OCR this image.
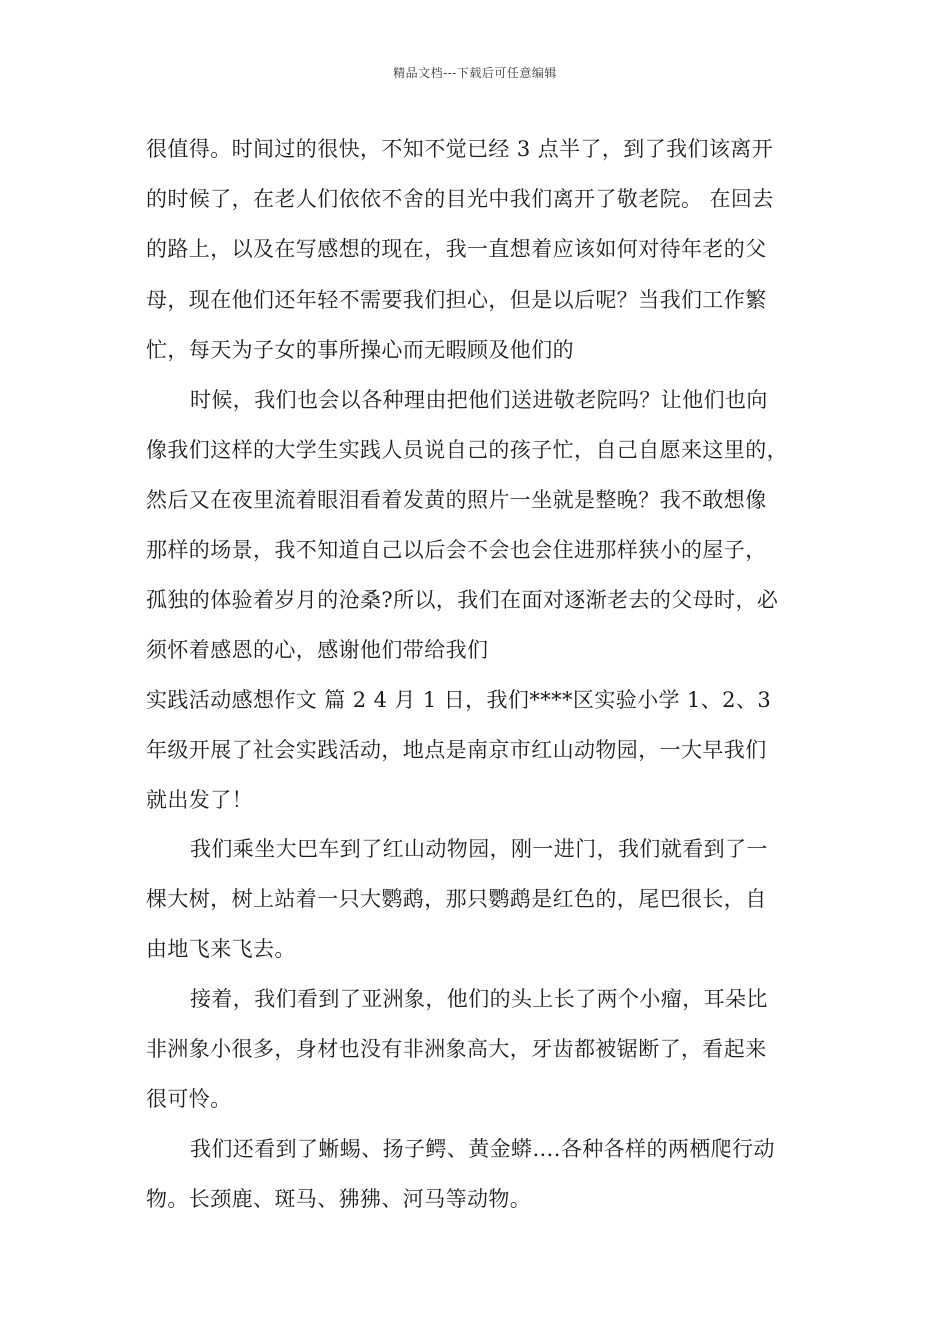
精品文档---下载后可任意编辑
很值得。时间过的很快，不知不觉已经 3 点半了，到了我们该离开
的时候了，在老人们依依不舍的目光中我们离开了敬老院。 在回去
的路上，以及在写感想的现在，我一直想着应该如何对待年老的父
母，现在他们还年轻不需要我们担心，但是以后呢？当我们工作繁
忙，每天为子女的事所操心而无暇顾及他们的
时候，我们也会以各种理由把他们送进敬老院吗？让他们也向
像我们这样的大学生实践人员说自己的孩子忙，自己自愿来这里的，
然后又在夜里流着眼泪看着发黄的照片一坐就是整晚？我不敢想像
那样的场景，我不知道自己以后会不会也会住进那样狭小的屋子，
孤独的体验着岁月的沧桑?所以，我们在面对逐渐老去的父母时，必
须怀着感恩的心，感谢他们带给我们
实践活动感想作文 篇 2 4 月 1 日，我们****区实验小学 1、2、3
年级开展了社会实践活动，地点是南京市红山动物园，一大早我们
就出发了！
我们乘坐大巴车到了红山动物园，刚一进门，我们就看到了一
棵大树，树上站着一只大鹦鹉，那只鹦鹉是红色的，尾巴很长，自
由地飞来飞去。
接着，我们看到了亚洲象，他们的头上长了两个小瘤，耳朵比
非洲象小很多，身材也没有非洲象高大，牙齿都被锯断了，看起来
很可怜。
我们还看到了蜥蜴、扬子鳄、黄金蟒….各种各样的两栖爬行动
物。长颈鹿、斑马、狒狒、河马等动物。
